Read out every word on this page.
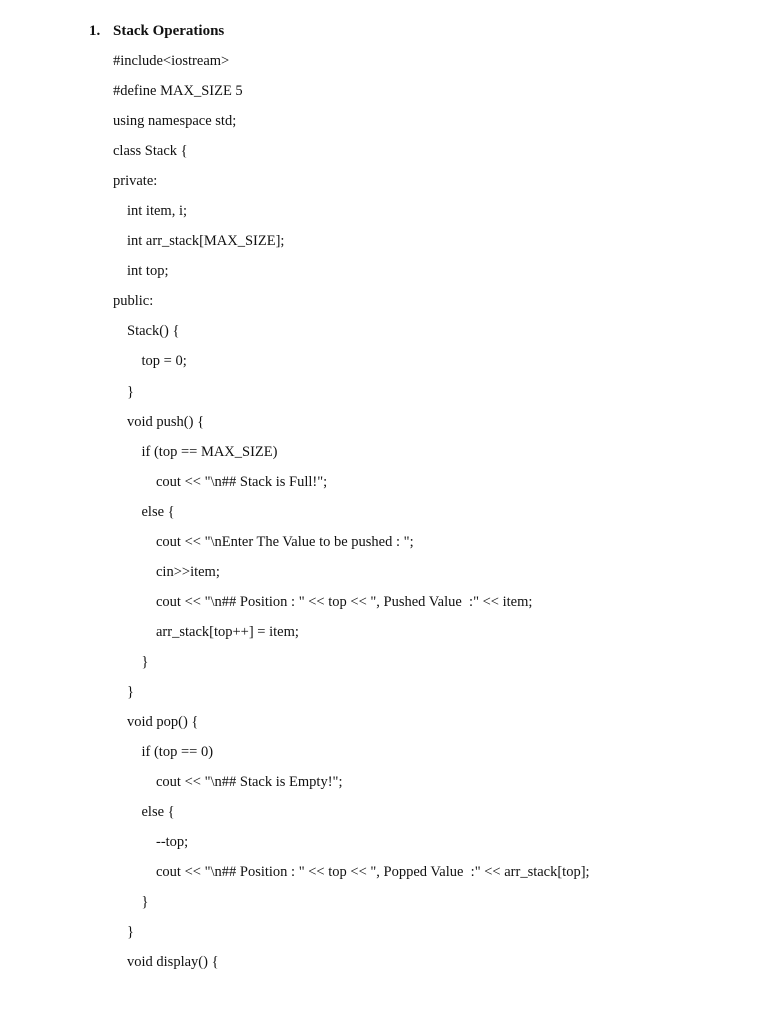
1. Stack Operations
#include<iostream>
#define MAX_SIZE 5
using namespace std;
class Stack {
private:
int item, i;
int arr_stack[MAX_SIZE];
int top;
public:
Stack() {
top = 0;
}
void push() {
if (top == MAX_SIZE)
cout << "\n## Stack is Full!";
else {
cout << "\nEnter The Value to be pushed : ";
cin>>item;
cout << "\n## Position : " << top << ", Pushed Value  :" << item;
arr_stack[top++] = item;
}
}
void pop() {
if (top == 0)
cout << "\n## Stack is Empty!";
else {
--top;
cout << "\n## Position : " << top << ", Popped Value  :" << arr_stack[top];
}
}
void display() {
